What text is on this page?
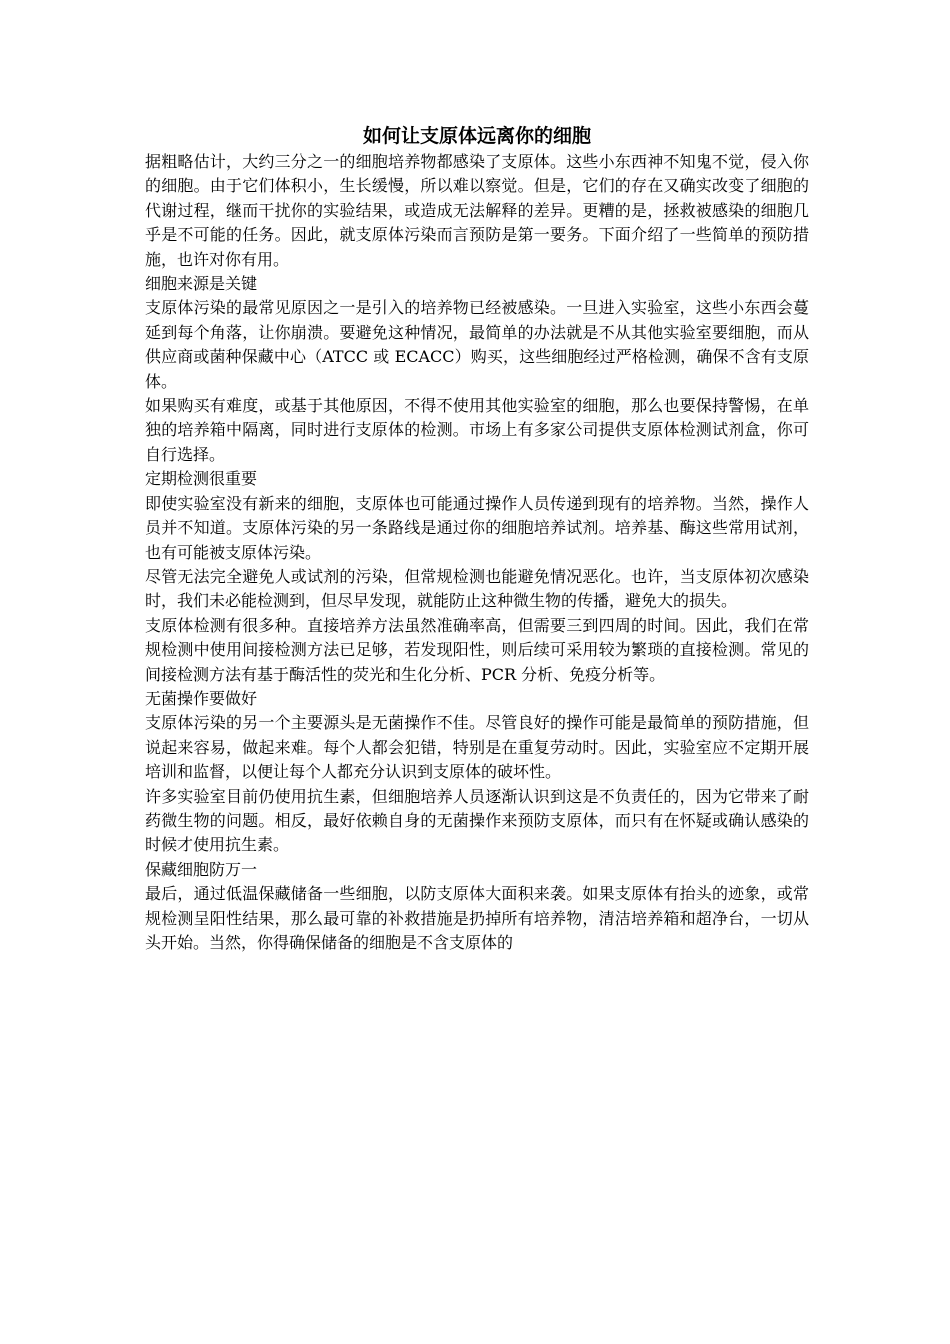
如何让支原体远离你的细胞

据粗略估计，大约三分之一的细胞培养物都感染了支原体。这些小东西神不知鬼不觉，侵入你的细胞。由于它们体积小，生长缓慢，所以难以察觉。但是，它们的存在又确实改变了细胞的代谢过程，继而干扰你的实验结果，或造成无法解释的差异。更糟的是，拯救被感染的细胞几乎是不可能的任务。因此，就支原体污染而言预防是第一要务。下面介绍了一些简单的预防措施，也许对你有用。

细胞来源是关键

支原体污染的最常见原因之一是引入的培养物已经被感染。一旦进入实验室，这些小东西会蔓延到每个角落，让你崩溃。要避免这种情况，最简单的办法就是不从其他实验室要细胞，而从供应商或菌种保藏中心（ATCC 或 ECACC）购买，这些细胞经过严格检测，确保不含有支原体。

如果购买有难度，或基于其他原因，不得不使用其他实验室的细胞，那么也要保持警惕，在单独的培养箱中隔离，同时进行支原体的检测。市场上有多家公司提供支原体检测试剂盒，你可自行选择。

定期检测很重要

即使实验室没有新来的细胞，支原体也可能通过操作人员传递到现有的培养物。当然，操作人员并不知道。支原体污染的另一条路线是通过你的细胞培养试剂。培养基、酶这些常用试剂，也有可能被支原体污染。

尽管无法完全避免人或试剂的污染，但常规检测也能避免情况恶化。也许，当支原体初次感染时，我们未必能检测到，但尽早发现，就能防止这种微生物的传播，避免大的损失。

支原体检测有很多种。直接培养方法虽然准确率高，但需要三到四周的时间。因此，我们在常规检测中使用间接检测方法已足够，若发现阳性，则后续可采用较为繁琐的直接检测。常见的间接检测方法有基于酶活性的荧光和生化分析、PCR 分析、免疫分析等。

无菌操作要做好

支原体污染的另一个主要源头是无菌操作不佳。尽管良好的操作可能是最简单的预防措施，但说起来容易，做起来难。每个人都会犯错，特别是在重复劳动时。因此，实验室应不定期开展培训和监督，以便让每个人都充分认识到支原体的破坏性。

许多实验室目前仍使用抗生素，但细胞培养人员逐渐认识到这是不负责任的，因为它带来了耐药微生物的问题。相反，最好依赖自身的无菌操作来预防支原体，而只有在怀疑或确认感染的时候才使用抗生素。

保藏细胞防万一

最后，通过低温保藏储备一些细胞，以防支原体大面积来袭。如果支原体有抬头的迹象，或常规检测呈阳性结果，那么最可靠的补救措施是扔掉所有培养物，清洁培养箱和超净台，一切从头开始。当然，你得确保储备的细胞是不含支原体的
